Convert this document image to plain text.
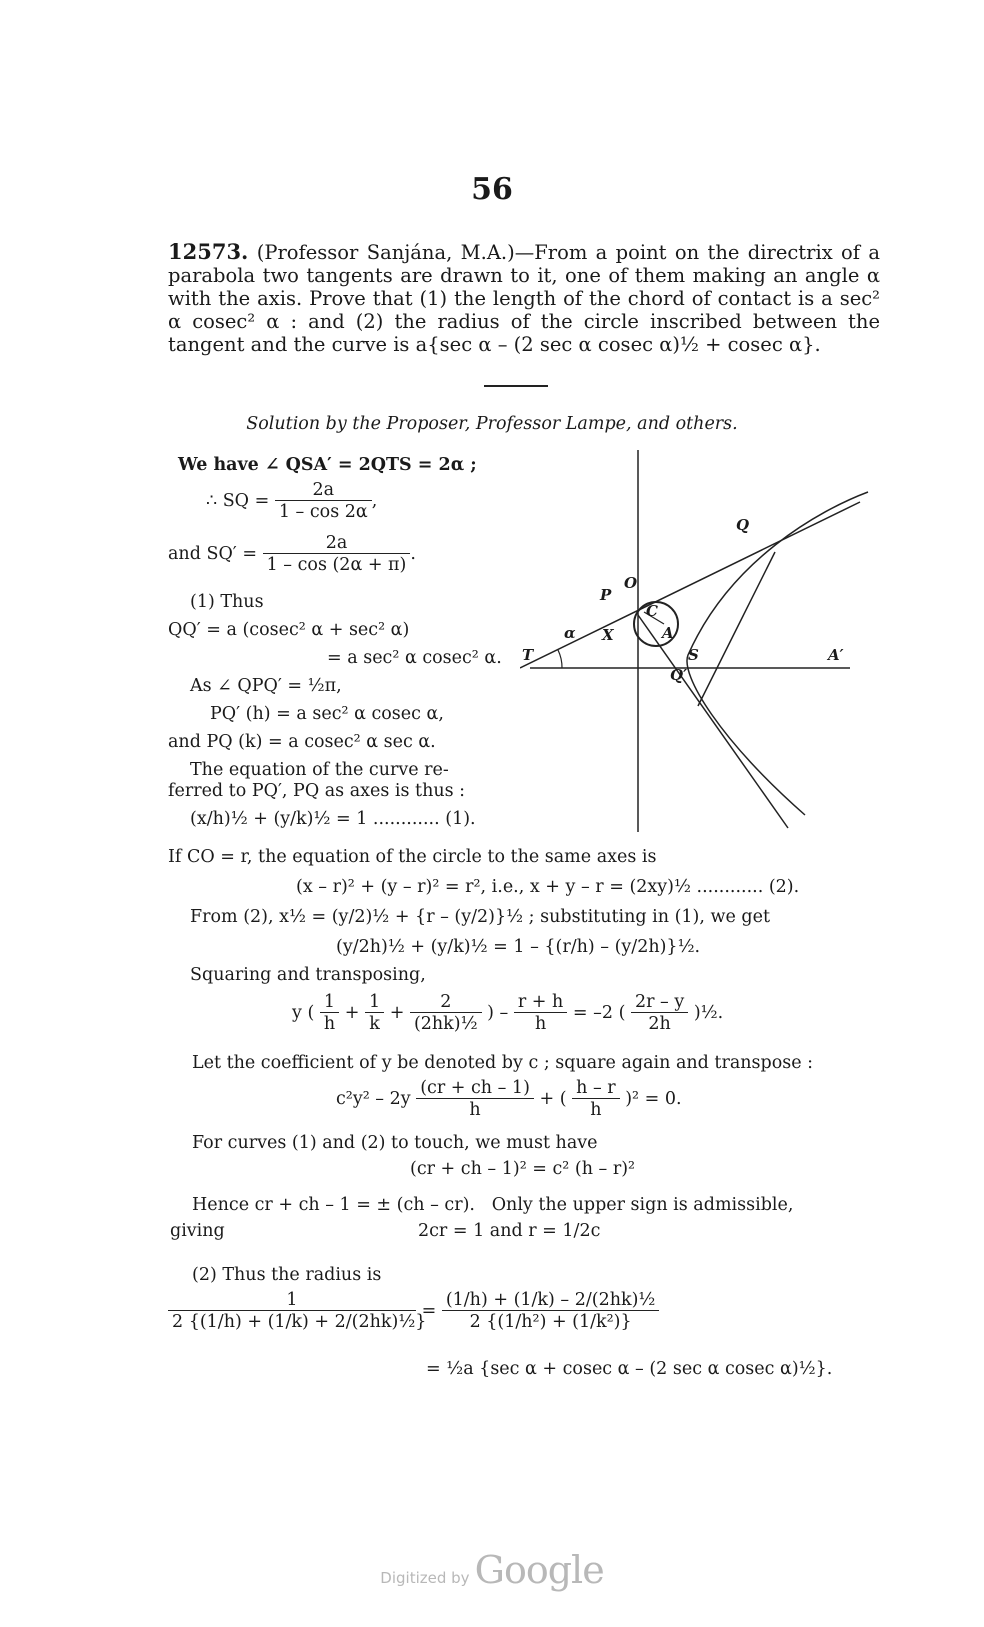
56

12573. (Professor Sanjána, M.A.)—From a point on the directrix of a parabola two tangents are drawn to it, one of them making an angle α with the axis. Prove that (1) the length of the chord of contact is a sec² α cosec² α : and (2) the radius of the circle inscribed between the tangent and the curve is a{sec α – (2 sec α cosec α)½ + cosec α}.

Solution by the Proposer, Professor Lampe, and others.
We have ∠ QSA′ = 2QTS = 2α ;
∴ SQ = $\frac{2a}{1 - \cos 2\alpha}$ ,
and $SQ' = \frac{2a}{1 - \cos (2\alpha + \pi)}$ .
(1) Thus
QQ′ = a (cosec² α + sec² α)
= a sec² α cosec² α.
As ∠ QPQ′ = ½π,
PQ′ (h) = a sec² α cosec α,
and PQ (k) = a cosec² α sec α.
The equation of the curve re-
ferred to PQ′, PQ as axes is thus :
(x/h)½ + (y/k)½ = 1 ............ (1).
Q
O
P
C
X	A
T	S
Q′
A′
α
If CO = r, the equation of the circle to the same axes is
(x – r)² + (y – r)² = r², i.e., x + y – r = (2xy)½ ............ (2).
From (2), x½ = (y/2)½ + {r – (y/2)}½ ; substituting in (1), we get
(y/2h)½ + (y/k)½ = 1 – {(r/h) – (y/2h)}½.
Squaring and transposing,
y ( $\frac{1}{h} + \frac{1}{k} + \frac{2}{\text{(2hk)½}}$ ) – $\frac{r + h}{h} = -2$ ( $\frac{2r - y}{2h}$ )½.
Let the coefficient of y be denoted by c ; square again and transpose :
$c^2y^2 - 2y \frac{(cr + ch - 1)}{h}$ + ( $\frac{h - r}{h} )^2 = 0$.
For curves (1) and (2) to touch, we must have
(cr + ch – 1)² = c² (h – r)²
Hence cr + ch – 1 = ± (ch – cr). Only the upper sign is admissible,
giving	2cr = 1 and r = 1/2c
(2) Thus the radius is
$\frac{1}{\text{2 \{(1/h) + (1/k) + 2/(2hk)½\}}} = \frac{\text{(1/h) + (1/k) – 2/(2hk)½}}{\text{2 \{(1/h²) + (1/k²)\}}}$
= ½a {sec α + cosec α – (2 sec α cosec α)½}.
Digitized by Google
